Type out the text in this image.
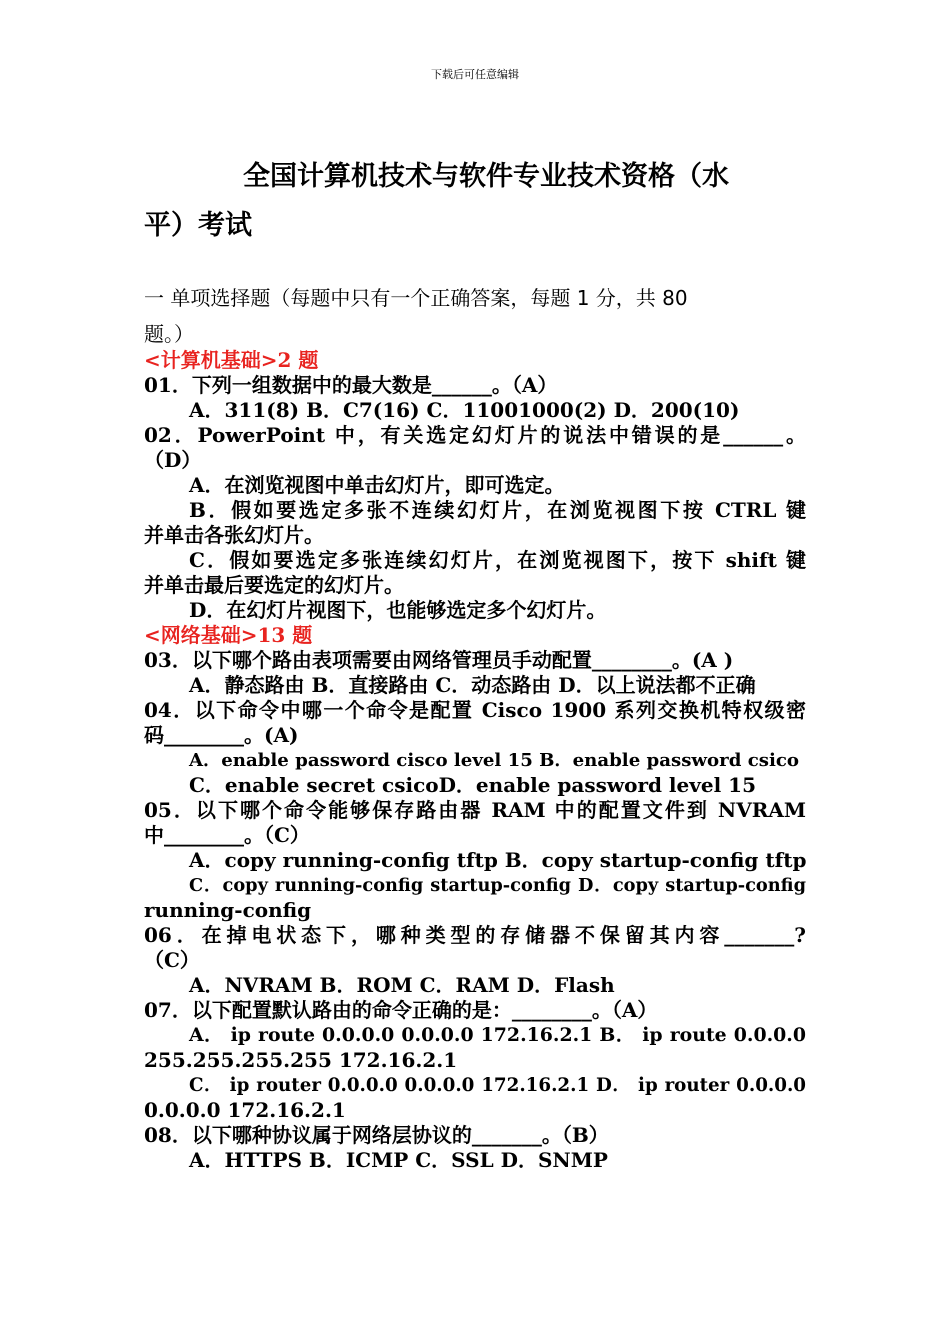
下载后可任意编辑
全国计算机技术与软件专业技术资格（水
平）考试
一 单项选择题（每题中只有一个正确答案，每题 1 分，共 80
题。）
<计算机基础>2 题
01．下列一组数据中的最大数是______。（A）
A．311(8) B．C7(16) C．11001000(2) D．200(10)
02．PowerPoint 中，有关选定幻灯片的说法中错误的是______。
（D）
A．在浏览视图中单击幻灯片，即可选定。
B．假如要选定多张不连续幻灯片，在浏览视图下按 CTRL 键
并单击各张幻灯片。
C．假如要选定多张连续幻灯片，在浏览视图下，按下 shift 键
并单击最后要选定的幻灯片。
D．在幻灯片视图下，也能够选定多个幻灯片。
<网络基础>13 题
03．以下哪个路由表项需要由网络管理员手动配置________。(A )
A．静态路由 B．直接路由 C．动态路由 D．以上说法都不正确
04．以下命令中哪一个命令是配置 Cisco 1900 系列交换机特权级密
码________。(A)
A．enable password cisco level 15 B．enable password csico
C．enable secret csicoD．enable password level 15
05．以下哪个命令能够保存路由器 RAM 中的配置文件到 NVRAM
中________。（C）
A．copy running-config tftp B．copy startup-config tftp
C．copy running-config startup-config D．copy startup-config
running-config
06．在掉电状态下，哪种类型的存储器不保留其内容_______?
（C）
A．NVRAM B．ROM C．RAM D．Flash
07．以下配置默认路由的命令正确的是：________。（A）
A． ip route 0.0.0.0 0.0.0.0 172.16.2.1 B． ip route 0.0.0.0
255.255.255.255 172.16.2.1
C． ip router 0.0.0.0 0.0.0.0 172.16.2.1 D． ip router 0.0.0.0
0.0.0.0 172.16.2.1
08．以下哪种协议属于网络层协议的_______。（B）
A．HTTPS B．ICMP C．SSL D．SNMP
